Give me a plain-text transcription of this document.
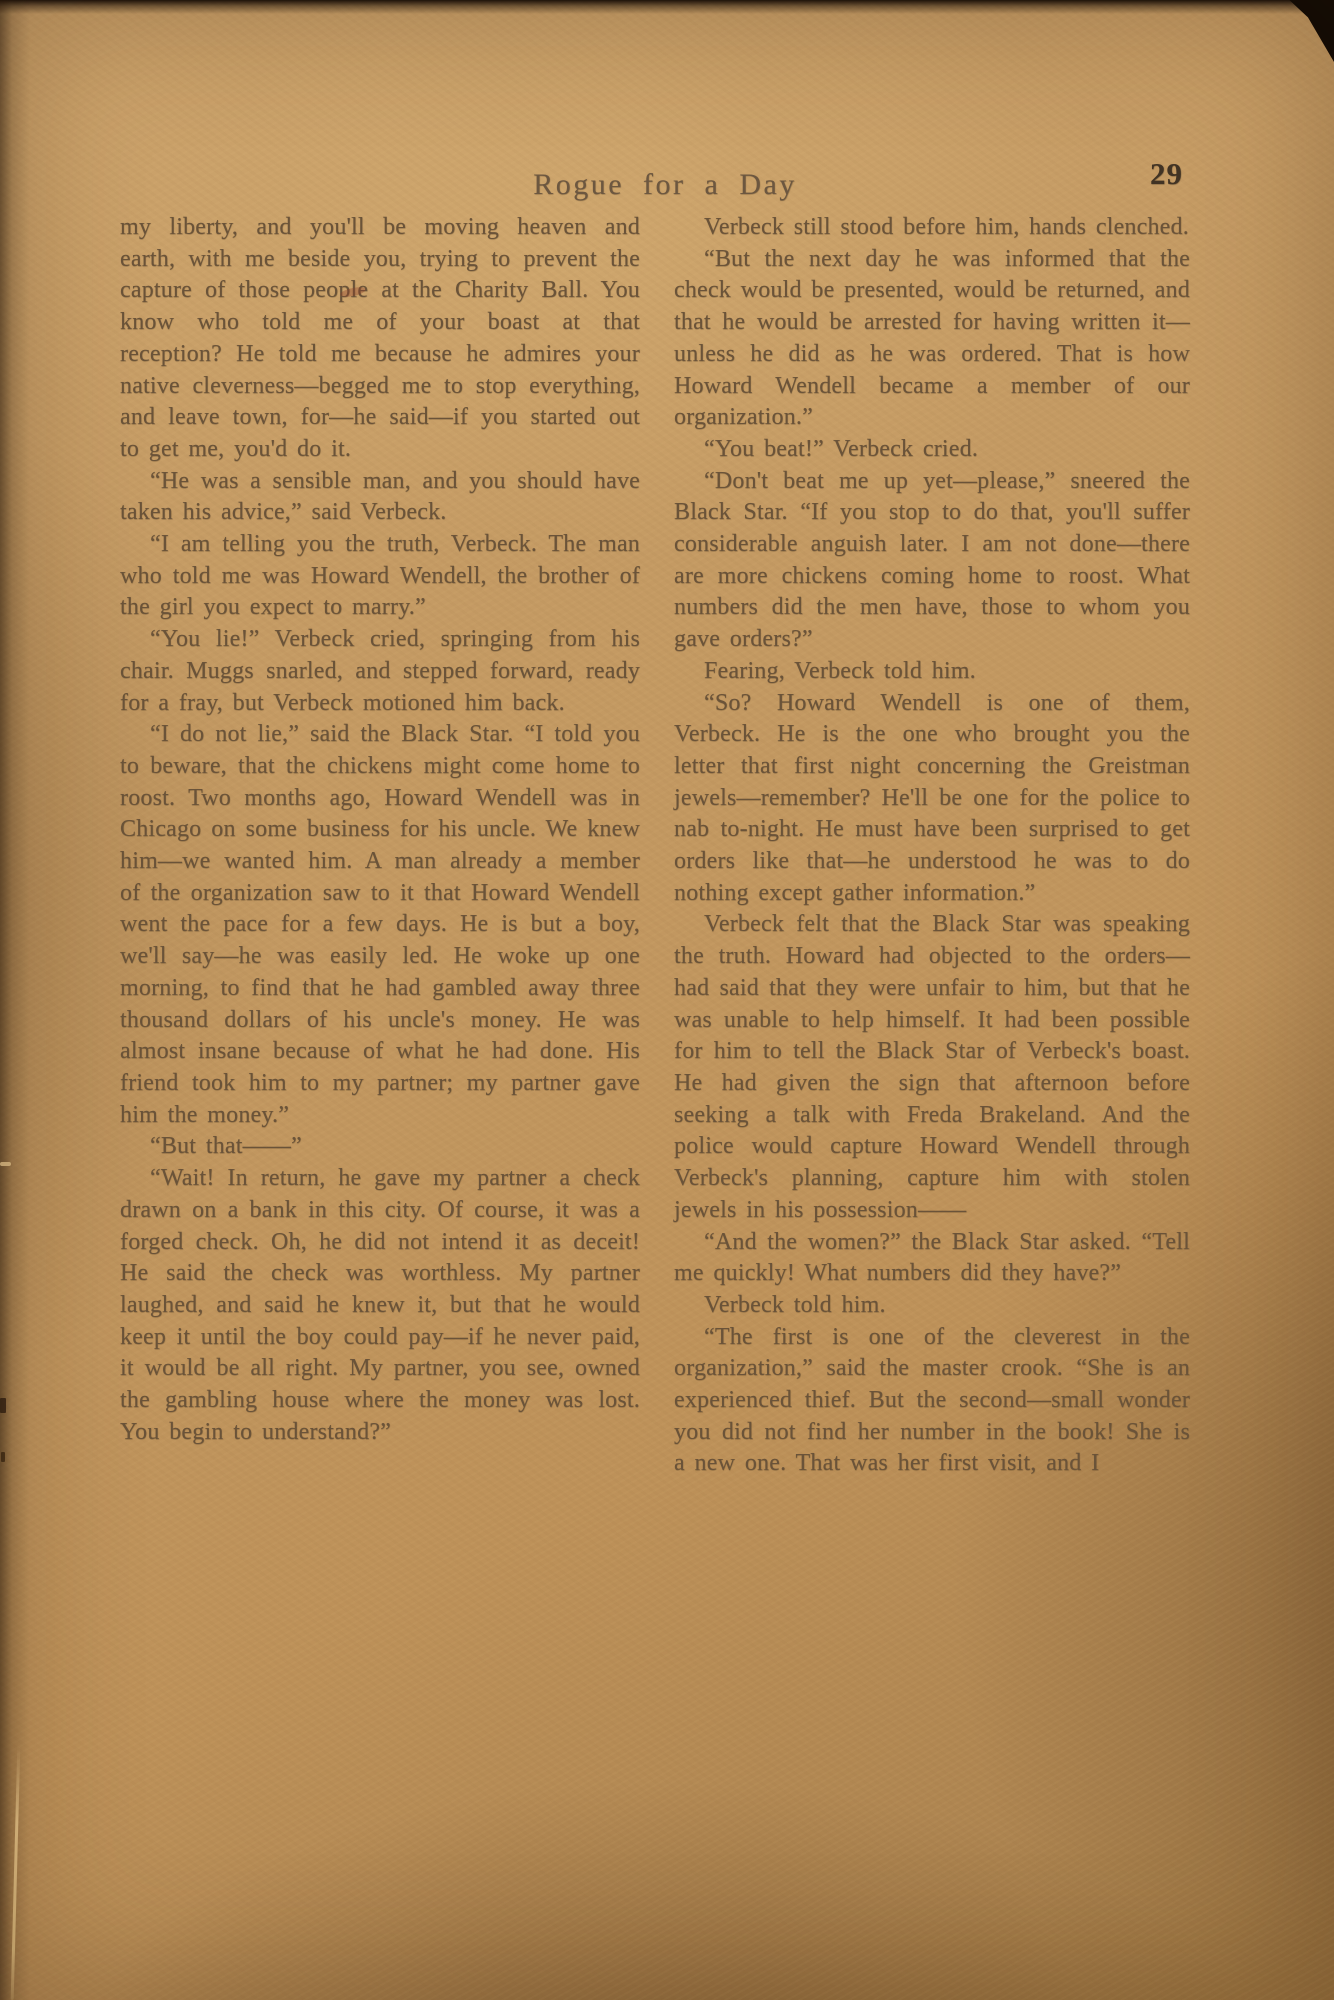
Rogue for a Day	29

my liberty, and you'll be moving heaven and earth, with me beside you, trying to prevent the capture of those people at the Charity Ball. You know who told me of your boast at that reception? He told me because he admires your native cleverness—begged me to stop everything, and leave town, for—he said—if you started out to get me, you'd do it.

“He was a sensible man, and you should have taken his advice,” said Verbeck.

“I am telling you the truth, Verbeck. The man who told me was Howard Wendell, the brother of the girl you expect to marry.”

“You lie!” Verbeck cried, springing from his chair. Muggs snarled, and stepped forward, ready for a fray, but Verbeck motioned him back.

“I do not lie,” said the Black Star. “I told you to beware, that the chickens might come home to roost. Two months ago, Howard Wendell was in Chicago on some business for his uncle. We knew him—we wanted him. A man already a member of the organization saw to it that Howard Wendell went the pace for a few days. He is but a boy, we'll say—he was easily led. He woke up one morning, to find that he had gambled away three thousand dollars of his uncle's money. He was almost insane because of what he had done. His friend took him to my partner; my partner gave him the money.”

“But that——”

“Wait! In return, he gave my partner a check drawn on a bank in this city. Of course, it was a forged check. Oh, he did not intend it as deceit! He said the check was worthless. My partner laughed, and said he knew it, but that he would keep it until the boy could pay—if he never paid, it would be all right. My partner, you see, owned the gambling house where the money was lost. You begin to understand?”

Verbeck still stood before him, hands clenched.

“But the next day he was informed that the check would be presented, would be returned, and that he would be arrested for having written it—unless he did as he was ordered. That is how Howard Wendell became a member of our organization.”

“You beat!” Verbeck cried.

“Don't beat me up yet—please,” sneered the Black Star. “If you stop to do that, you'll suffer considerable anguish later. I am not done—there are more chickens coming home to roost. What numbers did the men have, those to whom you gave orders?”

Fearing, Verbeck told him.

“So? Howard Wendell is one of them, Verbeck. He is the one who brought you the letter that first night concerning the Greistman jewels—remember? He'll be one for the police to nab to-night. He must have been surprised to get orders like that—he understood he was to do nothing except gather information.”

Verbeck felt that the Black Star was speaking the truth. Howard had objected to the orders—had said that they were unfair to him, but that he was unable to help himself. It had been possible for him to tell the Black Star of Verbeck's boast. He had given the sign that afternoon before seeking a talk with Freda Brakeland. And the police would capture Howard Wendell through Verbeck's planning, capture him with stolen jewels in his possession——

“And the women?” the Black Star asked. “Tell me quickly! What numbers did they have?”

Verbeck told him.

“The first is one of the cleverest in the organization,” said the master crook. “She is an experienced thief. But the second—small wonder you did not find her number in the book! She is a new one. That was her first visit, and I
